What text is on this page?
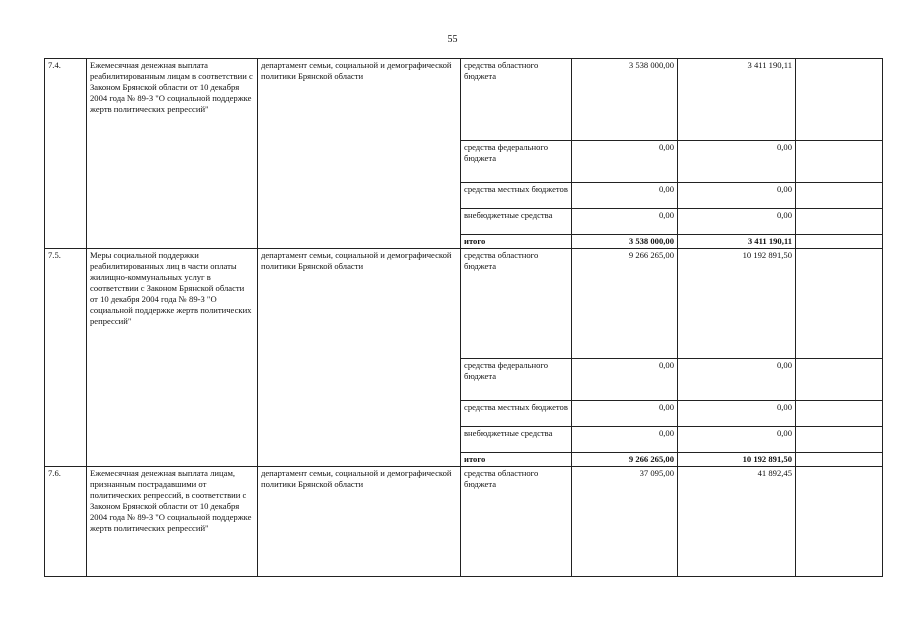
55
7.4.	Ежемесячная денежная выплата реабилитированным лицам в соответствии с Законом Брянской области от 10 декабря 2004 года № 89-З "О социальной поддержке жертв политических репрессий"	департамент семьи, социальной и демографической политики Брянской области	средства областного бюджета	3 538 000,00	3 411 190,11	
			средства федерального бюджета	0,00	0,00	
			средства местных бюджетов	0,00	0,00	
			внебюджетные средства	0,00	0,00	
			итого	3 538 000,00	3 411 190,11	
7.5.	Меры социальной поддержки реабилитированных лиц в части оплаты жилищно-коммунальных услуг в соответствии с Законом Брянской области от 10 декабря 2004 года № 89-З "О социальной поддержке жертв политических репрессий"	департамент семьи, социальной и демографической политики Брянской области	средства областного бюджета	9 266 265,00	10 192 891,50	
			средства федерального бюджета	0,00	0,00	
			средства местных бюджетов	0,00	0,00	
			внебюджетные средства	0,00	0,00	
			итого	9 266 265,00	10 192 891,50	
7.6.	Ежемесячная денежная выплата лицам, признанным пострадавшими от политических репрессий, в соответствии с Законом Брянской области от 10 декабря 2004 года № 89-З "О социальной поддержке жертв политических репрессий"	департамент семьи, социальной и демографической политики Брянской области	средства областного бюджета	37 095,00	41 892,45	
